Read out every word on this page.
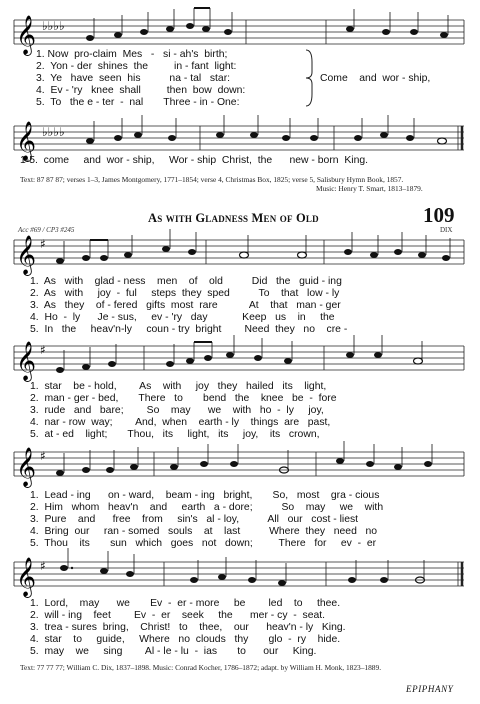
𝄞 ♭♭♭♭
1. Now  pro-claim  Mes   -   si - ah's  birth;
2.  Yon - der  shines  the         in - fant  light:
3.  Ye   have  seen  his          na - tal   star:
4.  Ev - 'ry   knee  shall         then  bow  down:
5.  To   the e - ter  -  nal       Three - in - One:
Come    and  wor - ship,
𝄞 ♭♭♭♭
1-5.  come     and  wor - ship,     Wor - ship  Christ,  the      new - born  King.
Text: 87 87 87; verses 1–3, James Montgomery, 1771–1854; verse 4, Christmas Box, 1825; verse 5, Salisbury Hymn Book, 1857.
Music: Henry T. Smart, 1813–1879.
As with Gladness Men of Old	109
Acc #69 / CP3 #245	DIX
𝄞 ♯
1.  As   with    glad - ness    men    of    old          Did   the   guid - ing
2.  As   with     joy  -  ful     steps  they  sped          To    that   low - ly
3.  As   they    of - fered   gifts  most  rare           At    that   man - ger
4.  Ho  -  ly      Je - sus,     ev - 'ry   day            Keep   us    in     the
5.  In   the     heav'n-ly     coun - try  bright        Need  they   no    cre -
𝄞 ♯
1.  star    be - hold,        As    with     joy   they   hailed   its    light,
2.  man - ger - bed,       There   to       bend   the    knee   be  -  fore
3.  rude   and   bare;        So    may      we    with   ho  -  ly     joy,
4.  nar - row  way;        And,  when    earth - ly    things  are   past,
5.  at - ed    light;       Thou,   its     light,   its     joy,    its   crown,
𝄞 ♯
1.  Lead - ing      on - ward,    beam - ing   bright,       So,   most    gra - cious
2.  Him   whom   heav'n    and     earth   a - dore;          So    may     we    with
3.  Pure    and      free    from     sin's   al - loy,          All   our   cost - liest
4.  Bring  our     ran - somed   souls    at    last          Where  they   need   no
5.  Thou    its       sun   which   goes   not   down;         There   for     ev  -  er
𝄞 ♯
1.  Lord,    may      we       Ev  -  er - more     be        led    to     thee.
2.  will - ing    feet        Ev  -  er    seek     the      mer - cy  -  seat.
3.  trea - sures  bring,    Christ!   to    thee,    our      heav'n - ly   King.
4.  star    to     guide,     Where   no  clouds   thy       glo  -  ry    hide.
5.  may    we     sing        Al - le - lu  -  ias       to      our     King.
Text: 77 77 77; William C. Dix, 1837–1898. Music: Conrad Kocher, 1786–1872; adapt. by William H. Monk, 1823–1889.
EPIPHANY
